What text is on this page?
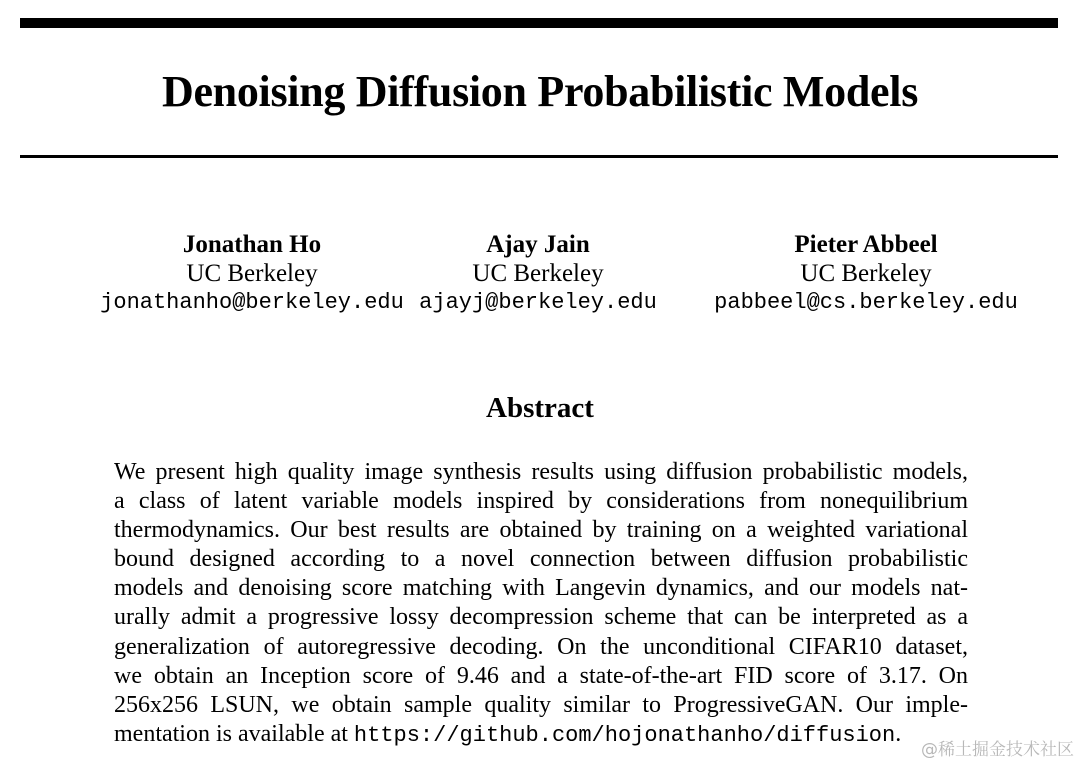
Denoising Diffusion Probabilistic Models
Jonathan Ho
UC Berkeley
jonathanho@berkeley.edu
Ajay Jain
UC Berkeley
ajayj@berkeley.edu
Pieter Abbeel
UC Berkeley
pabbeel@cs.berkeley.edu
Abstract
We present high quality image synthesis results using diffusion probabilistic models,
a class of latent variable models inspired by considerations from nonequilibrium
thermodynamics. Our best results are obtained by training on a weighted variational
bound designed according to a novel connection between diffusion probabilistic
models and denoising score matching with Langevin dynamics, and our models nat-
urally admit a progressive lossy decompression scheme that can be interpreted as a
generalization of autoregressive decoding. On the unconditional CIFAR10 dataset,
we obtain an Inception score of 9.46 and a state-of-the-art FID score of 3.17. On
256x256 LSUN, we obtain sample quality similar to ProgressiveGAN. Our imple-
mentation is available at https://github.com/hojonathanho/diffusion.
@稀土掘金技术社区
